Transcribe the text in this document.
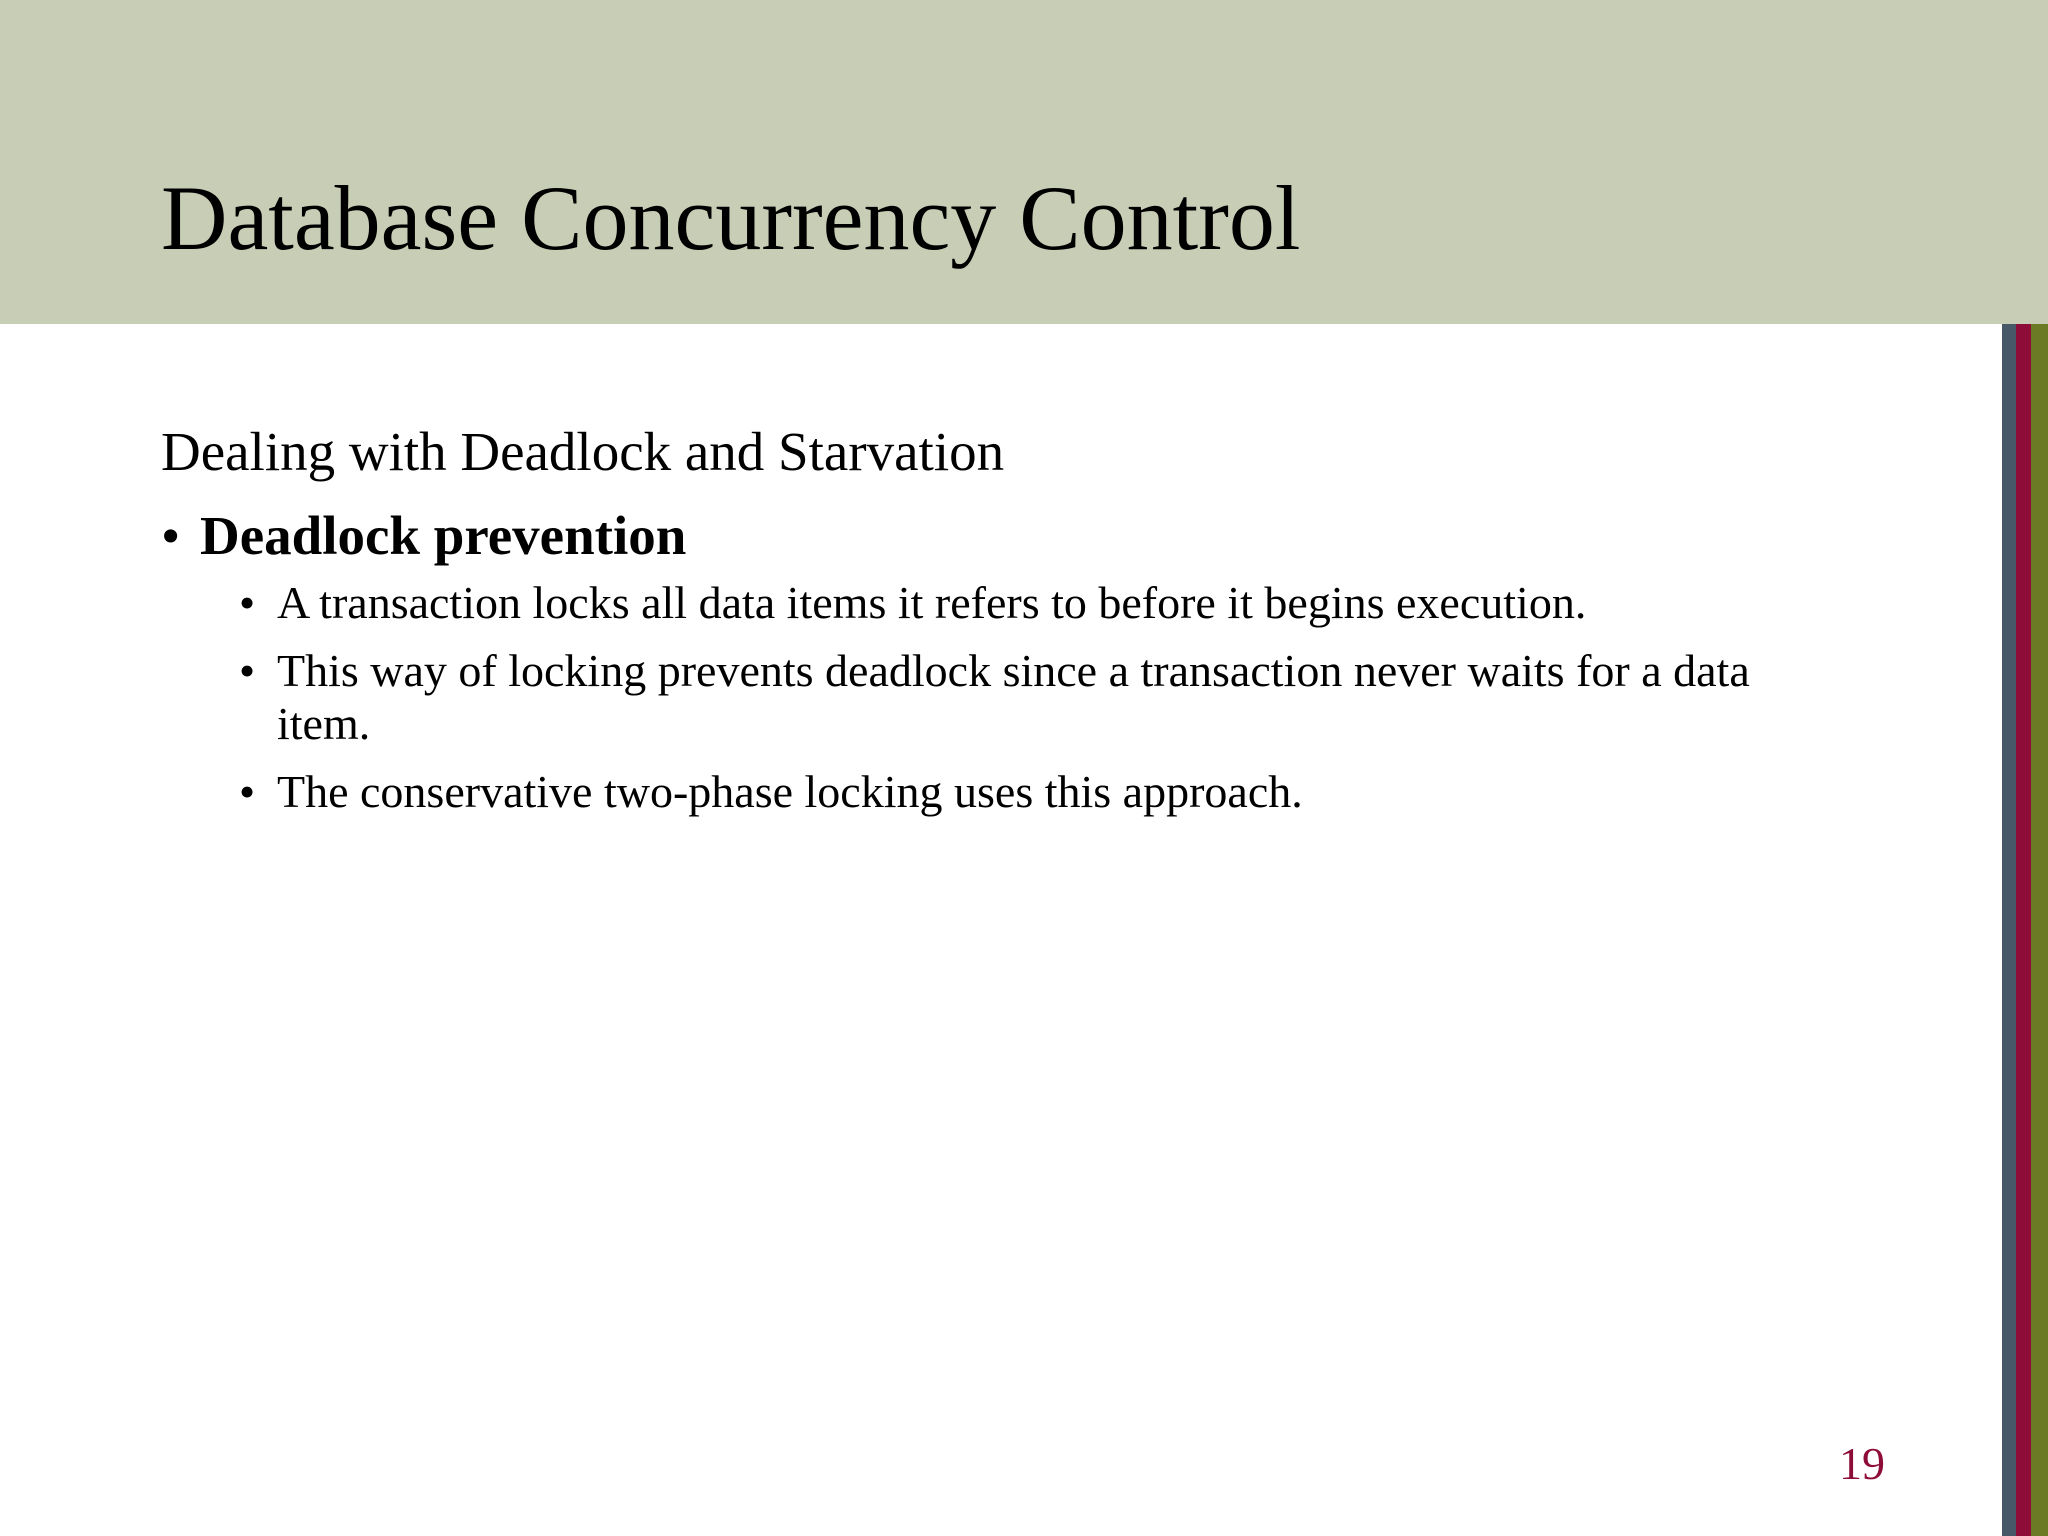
Database Concurrency Control

Dealing with Deadlock and Starvation

• Deadlock prevention
• A transaction locks all data items it refers to before it begins execution.
• This way of locking prevents deadlock since a transaction never waits for a data item.
• The conservative two-phase locking uses this approach.
19
